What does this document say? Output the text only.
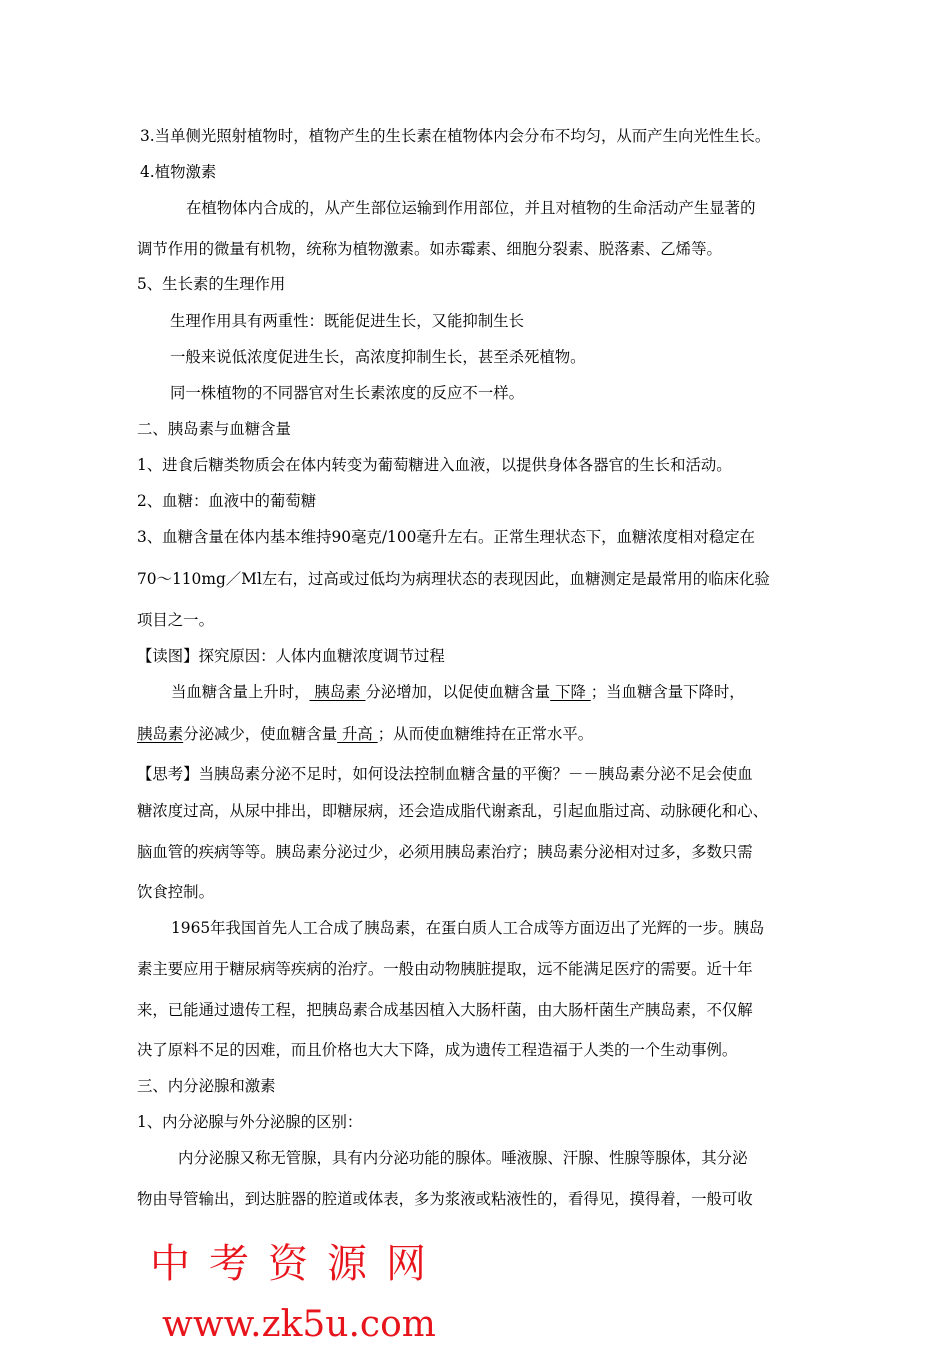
3.当单侧光照射植物时，植物产生的生长素在植物体内会分布不均匀，从而产生向光性生长。
4.植物激素
在植物体内合成的，从产生部位运输到作用部位，并且对植物的生命活动产生显著的
调节作用的微量有机物，统称为植物激素。如赤霉素、细胞分裂素、脱落素、乙烯等。
5、生长素的生理作用
生理作用具有两重性：既能促进生长，又能抑制生长
一般来说低浓度促进生长，高浓度抑制生长，甚至杀死植物。
同一株植物的不同器官对生长素浓度的反应不一样。
二、胰岛素与血糖含量
1、进食后糖类物质会在体内转变为葡萄糖进入血液，以提供身体各器官的生长和活动。
2、血糖：血液中的葡萄糖
3、血糖含量在体内基本维持90毫克/100毫升左右。正常生理状态下，血糖浓度相对稳定在
70～110mg／Ml左右，过高或过低均为病理状态的表现因此，血糖测定是最常用的临床化验
项目之一。
【读图】探究原因：人体内血糖浓度调节过程
当血糖含量上升时， 胰岛素 分泌增加，以促使血糖含量 下降 ；当血糖含量下降时，
胰岛素分泌减少，使血糖含量 升高 ；从而使血糖维持在正常水平。
【思考】当胰岛素分泌不足时，如何设法控制血糖含量的平衡？－－胰岛素分泌不足会使血
糖浓度过高，从尿中排出，即糖尿病，还会造成脂代谢紊乱，引起血脂过高、动脉硬化和心、
脑血管的疾病等等。胰岛素分泌过少，必须用胰岛素治疗；胰岛素分泌相对过多，多数只需
饮食控制。
1965年我国首先人工合成了胰岛素，在蛋白质人工合成等方面迈出了光辉的一步。胰岛
素主要应用于糖尿病等疾病的治疗。一般由动物胰脏提取，远不能满足医疗的需要。近十年
来，已能通过遗传工程，把胰岛素合成基因植入大肠杆菌，由大肠杆菌生产胰岛素，不仅解
决了原料不足的因难，而且价格也大大下降，成为遗传工程造福于人类的一个生动事例。
三、内分泌腺和激素
1、内分泌腺与外分泌腺的区别：
内分泌腺又称无管腺，具有内分泌功能的腺体。唾液腺、汗腺、性腺等腺体，其分泌
物由导管输出，到达脏器的腔道或体表，多为浆液或粘液性的，看得见，摸得着，一般可收
中考资源网
www.zk5u.com
